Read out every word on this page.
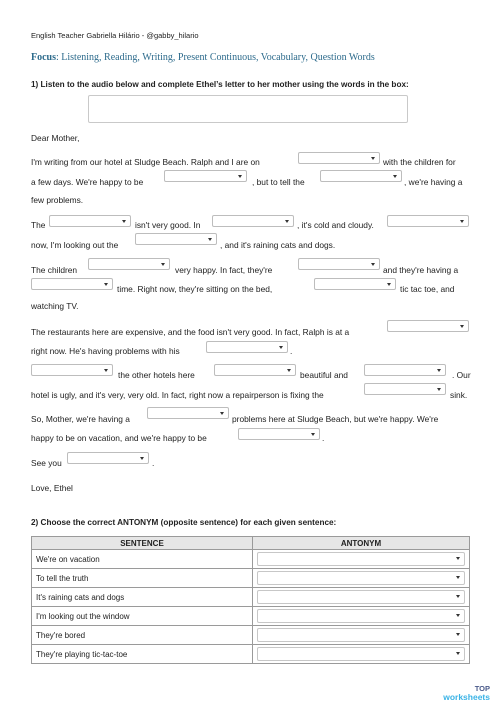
English Teacher Gabriella Hilário - @gabby_hilario
Focus: Listening, Reading, Writing, Present Continuous, Vocabulary, Question Words
1) Listen to the audio below and complete Ethel’s letter to her mother using the words in the box:
Dear Mother,
I'm writing from our hotel at Sludge Beach. Ralph and I are on	with the children for
a few days. We're happy to be	, but to tell the	, we're having a
few problems.
The	isn't very good. In	, it's cold and cloudy.
now, I'm looking out the	, and it's raining cats and dogs.
The children	very happy. In fact, they're	and they're having a
time. Right now, they're sitting on the bed,	tic tac toe, and
watching TV.
The restaurants here are expensive, and the food isn't very good. In fact, Ralph is at a
right now. He's having problems with his	.
the other hotels here	beautiful and	. Our
hotel is ugly, and it's very, very old. In fact, right now a repairperson is fixing the	sink.
So, Mother, we're having a	problems here at Sludge Beach, but we're happy. We're
happy to be on vacation, and we're happy to be	.
See you	.
Love, Ethel
2) Choose the correct ANTONYM (opposite sentence) for each given sentence:
SENTENCE	ANTONYM
We're on vacation	

To tell the truth	

It's raining cats and dogs	

I'm looking out the window	

They're bored	

They're playing tic-tac-toe	
TOP
worksheets
